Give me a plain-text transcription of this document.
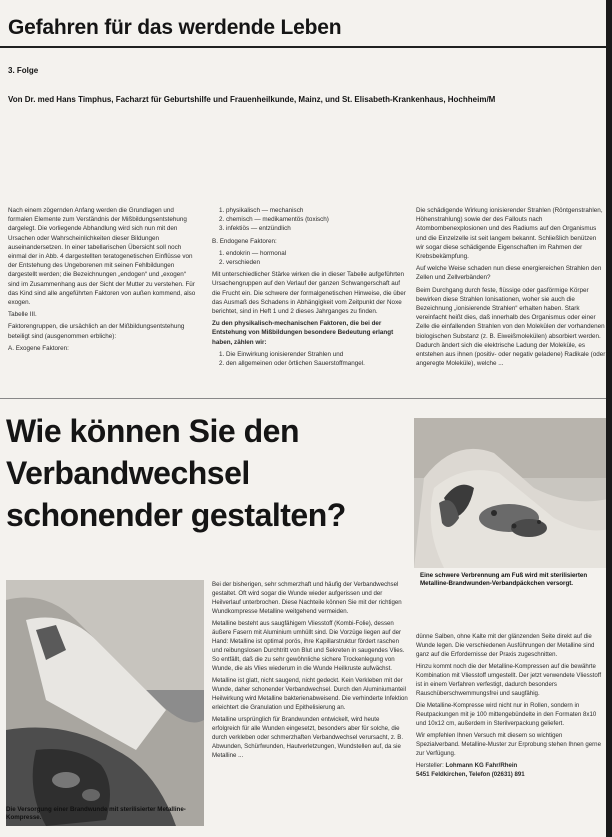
Gefahren für das werdende Leben
3. Folge
Von Dr. med Hans Timphus, Facharzt für Geburtshilfe und Frauenheilkunde, Mainz, und St. Elisabeth-Krankenhaus, Hochheim/M

Nach einem zögernden Anfang werden die Grundlagen und formalen Elemente zum Verständnis der Mißbildungsentstehung dargelegt. Die vorliegende Abhandlung wird sich nun mit den Ursachen oder Wahrscheinlichkeiten dieser Bildungen auseinandersetzen. In einer tabellarischen Übersicht soll noch einmal der in Abb. 4 dargestellten teratogenetischen Einflüsse von der Entstehung des Ungeborenen mit seinen Fehlbildungen dargestellt werden; die Bezeichnungen „endogen“ und „exogen“ sind im Zusammenhang aus der Sicht der Mutter zu verstehen. Für das Kind sind alle angeführten Faktoren von außen kommend, also exogen.

Tabelle III.

Faktorengruppen, die ursächlich an der Mißbildungsentstehung beteiligt sind (ausgenommen erbliche):

A. Exogene Faktoren:

1. physikalisch — mechanisch
2. chemisch — medikamentös (toxisch)
3. infektiös — entzündlich

B. Endogene Faktoren:

1. endokrin — hormonal
2. verschieden

Mit unterschiedlicher Stärke wirken die in dieser Tabelle aufgeführten Ursachengruppen auf den Verlauf der ganzen Schwangerschaft auf die Frucht ein. Die schwere der formalgenetischen Hinweise, die über das Ausmaß des Schadens in Abhängigkeit vom Zeitpunkt der Noxe berichtet, sind in Heft 1 und 2 dieses Jahrganges zu finden.

Zu den physikalisch-mechanischen Faktoren, die bei der Entstehung von Mißbildungen besondere Bedeutung erlangt haben, zählen wir:

1. Die Einwirkung ionisierender Strahlen und
2. den allgemeinen oder örtlichen Sauerstoffmangel.

Die schädigende Wirkung ionisierender Strahlen (Röntgenstrahlen, Höhenstrahlung) sowie der des Fallouts nach Atombombenexplosionen und des Radiums auf den Organismus und die Einzelzelle ist seit langem bekannt. Schließlich benützen wir sogar diese schädigende Eigenschaften im Rahmen der Krebsbekämpfung.

Auf welche Weise schaden nun diese energiereichen Strahlen den Zellen und Zellverbänden?

Beim Durchgang durch feste, flüssige oder gasförmige Körper bewirken diese Strahlen Ionisationen, woher sie auch die Bezeichnung „ionisierende Strahlen“ erhalten haben. Stark vereinfacht heißt dies, daß innerhalb des Organismus oder einer Zelle die einfallenden Strahlen von den Molekülen der vorhandenen biologischen Substanz (z. B. Eiweißmolekülen) absorbiert werden. Dadurch ändert sich die elektrische Ladung der Moleküle, es entstehen aus ihnen (positiv- oder negativ geladene) Radikale (oder angeregte Moleküle), welche ...

Wie können Sie den
Verbandwechsel
schonender gestalten?
Eine schwere Verbrennung am Fuß wird mit sterilisierten Metalline-Brandwunden-Verbandpäckchen versorgt.
Die Versorgung einer Brandwunde mit sterilisierter Metalline-Kompresse.

Bei der bisherigen, sehr schmerzhaft und häufig der Verbandwechsel gestaltet. Oft wird sogar die Wunde wieder aufgerissen und der Heilverlauf unterbrochen. Diese Nachteile können Sie mit der richtigen Wundkompresse Metalline weitgehend vermeiden.

Metalline besteht aus saugfähigem Vliesstoff (Kombi-Folie), dessen äußere Fasern mit Aluminium umhüllt sind. Die Vorzüge liegen auf der Hand: Metalline ist optimal porös, ihre Kapillarstruktur fördert raschen und reibungslosen Durchtritt von Blut und Sekreten in saugendes Vlies. So entfällt, daß die zu sehr gewöhnliche sichere Trockenlegung von Wunde, die als Vlies wiederum in die Wunde Heilkruste aufwächst.

Metalline ist glatt, nicht saugend, nicht gedeckt. Kein Verkleben mit der Wunde, daher schonender Verbandwechsel. Durch den Aluminiumanteil Heilwirkung wird Metalline bakterienabweisend. Die verhinderte Infektion erleichtert die Granulation und Epithelisierung an.

Metalline ursprünglich für Brandwunden entwickelt, wird heute erfolgreich für alle Wunden eingesetzt, besonders aber für solche, die durch verkleben oder schmerzhaften Verbandwechsel verursacht, z. B. Abwunden, Schürfwunden, Hautverletzungen, Wundstellen auf, da sie Metalline ...

dünne Salben, ohne Kalte mit der glänzenden Seite direkt auf die Wunde legen. Die verschiedenen Ausführungen der Metalline sind ganz auf die Erfordernisse der Praxis zugeschnitten.

Hinzu kommt noch die der Metalline-Kompressen auf die bewährte Kombination mit Vliesstoff umgestellt. Der jetzt verwendete Vliesstoff ist in einem Verfahren verfestigt, dadurch besonders Rauschüberschwemmungsfrei und saugfähig.

Die Metalline-Kompresse wird nicht nur in Rollen, sondern in Reutpackungen mit je 100 mittengebündelte in den Formaten 8x10 und 10x12 cm, außerdem in Sterilverpackung geliefert.

Wir empfehlen Ihnen Versuch mit diesem so wichtigen Spezialverband. Metalline-Muster zur Erprobung stehen Ihnen gerne zur Verfügung.

Hersteller: Lohmann KG Fahr/Rhein
5451 Feldkirchen, Telefon (02631) 891
